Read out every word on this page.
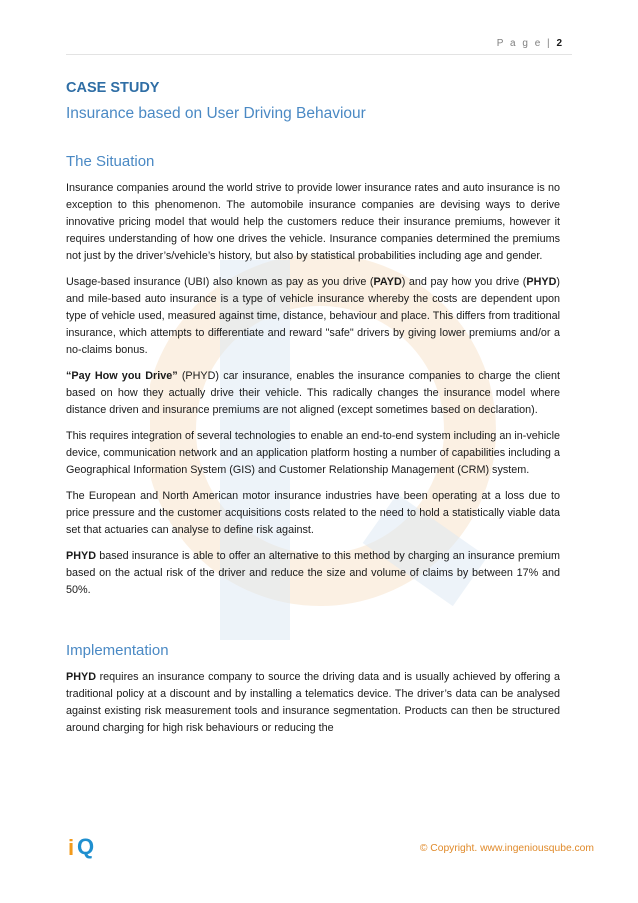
P a g e | 2
CASE STUDY
Insurance based on User Driving Behaviour
The Situation

Insurance companies around the world strive to provide lower insurance rates and auto insurance is no exception to this phenomenon. The automobile insurance companies are devising ways to derive innovative pricing model that would help the customers reduce their insurance premiums, however it requires understanding of how one drives the vehicle. Insurance companies determined the premiums not just by the driver’s/vehicle’s history, but also by statistical probabilities including age and gender.

Usage-based insurance (UBI) also known as pay as you drive (PAYD) and pay how you drive (PHYD) and mile-based auto insurance is a type of vehicle insurance whereby the costs are dependent upon type of vehicle used, measured against time, distance, behaviour and place. This differs from traditional insurance, which attempts to differentiate and reward "safe" drivers by giving lower premiums and/or a no-claims bonus.

“Pay How you Drive” (PHYD) car insurance, enables the insurance companies to charge the client based on how they actually drive their vehicle. This radically changes the insurance model where distance driven and insurance premiums are not aligned (except sometimes based on declaration).

This requires integration of several technologies to enable an end-to-end system including an in-vehicle device, communication network and an application platform hosting a number of capabilities including a Geographical Information System (GIS) and Customer Relationship Management (CRM) system.

The European and North American motor insurance industries have been operating at a loss due to price pressure and the customer acquisitions costs related to the need to hold a statistically viable data set that actuaries can analyse to define risk against.

PHYD based insurance is able to offer an alternative to this method by charging an insurance premium based on the actual risk of the driver and reduce the size and volume of claims by between 17% and 50%.

Implementation

PHYD requires an insurance company to source the driving data and is usually achieved by offering a traditional policy at a discount and by installing a telematics device. The driver’s data can be analysed against existing risk measurement tools and insurance segmentation. Products can then be structured around charging for high risk behaviours or reducing the

i Q	© Copyright. www.ingeniousqube.com
